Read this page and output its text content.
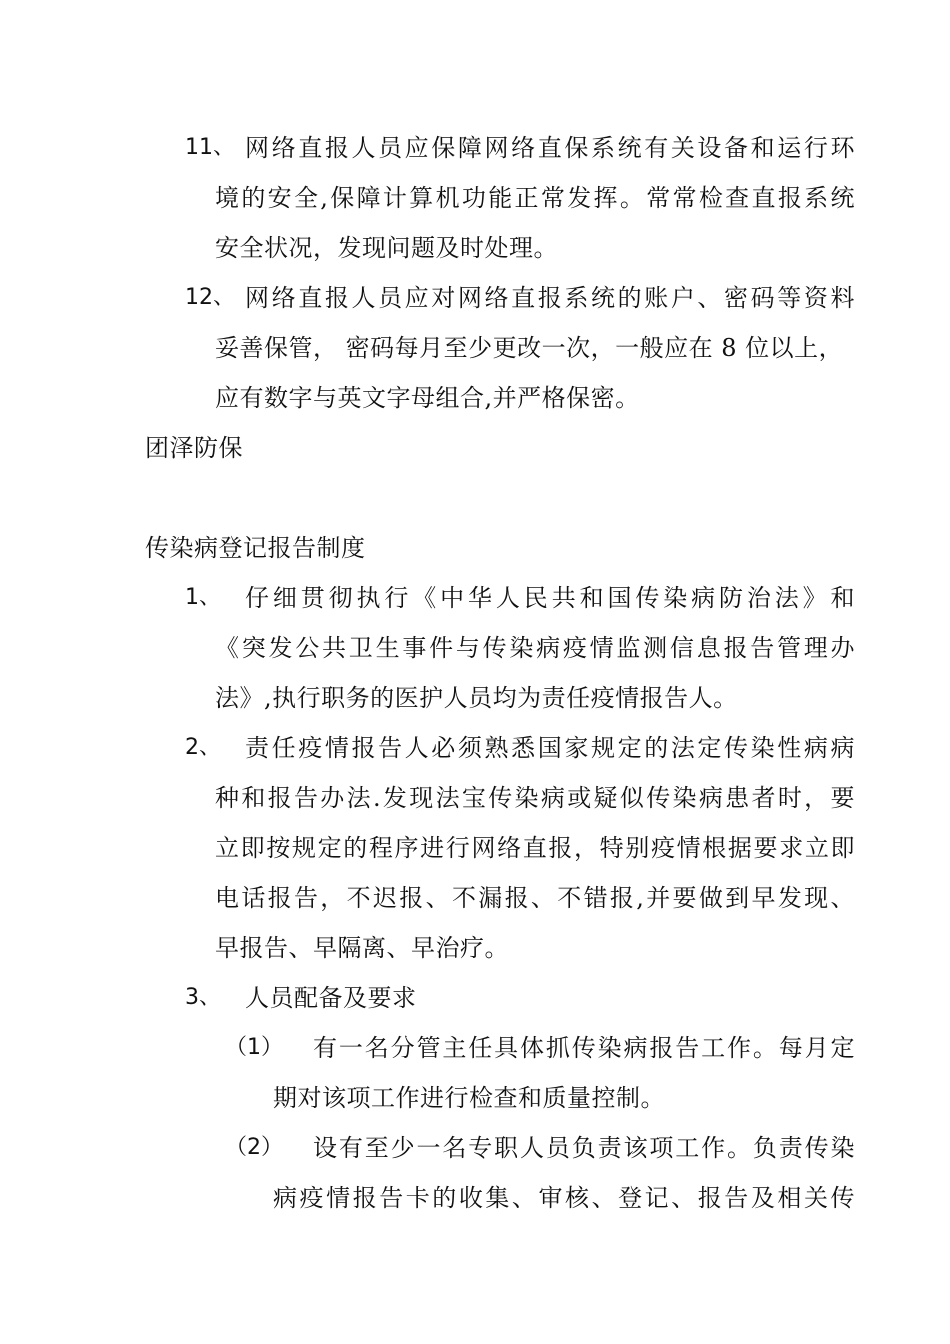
11、 网络直报人员应保障网络直保系统有关设备和运行环
境的安全,保障计算机功能正常发挥。常常检查直报系统
安全状况，发现问题及时处理。
12、 网络直报人员应对网络直报系统的账户、密码等资料
妥善保管， 密码每月至少更改一次，一般应在 8 位以上，
应有数字与英文字母组合,并严格保密。
团泽防保
传染病登记报告制度
1、 仔细贯彻执行《中华人民共和国传染病防治法》和
《突发公共卫生事件与传染病疫情监测信息报告管理办
法》,执行职务的医护人员均为责任疫情报告人。
2、 责任疫情报告人必须熟悉国家规定的法定传染性病病
种和报告办法.发现法宝传染病或疑似传染病患者时，要
立即按规定的程序进行网络直报，特别疫情根据要求立即
电话报告，不迟报、不漏报、不错报,并要做到早发现、
早报告、早隔离、早治疗。
3、 人员配备及要求
（1） 有一名分管主任具体抓传染病报告工作。每月定
期对该项工作进行检查和质量控制。
（2） 设有至少一名专职人员负责该项工作。负责传染
病疫情报告卡的收集、审核、登记、报告及相关传
